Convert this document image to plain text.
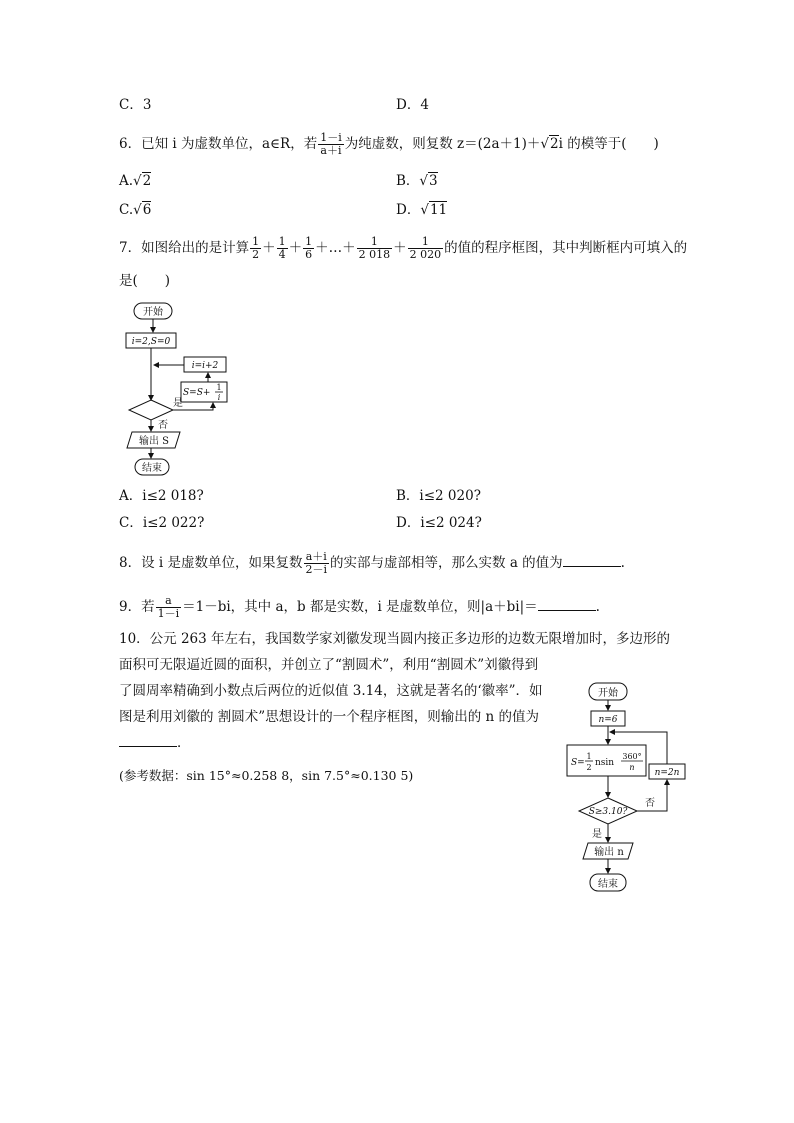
C．3	D．4
6．已知 i 为虚数单位，a∈R，若 $\frac{1-i}{a+i}$ 为纯虚数，则复数 z＝(2a＋1)＋√2i 的模等于(　　)
A.√2	B．√3
C.√6	D．√11
7．如图给出的是计算 $\frac{1}{2} + \frac{1}{4} + \frac{1}{6}$ ＋…＋ $\frac{1}{2 018} + \frac{1}{2 020}$ 的值的程序框图，其中判断框内可填入的
是(　　)
开始
i=2,S=0
i=i+2
S=S+
1
i
是
否
输出 S
结束
A．i≤2 018?	B．i≤2 020?
C．i≤2 022?	D．i≤2 024?
8．设 i 是虚数单位，如果复数 $\frac{a+i}{2-i}$ 的实部与虚部相等，那么实数 a 的值为	.
9．若 $\frac{a}{1-i} =1-bi$，其中 a，b 都是实数，i 是虚数单位，则|a＋bi|＝	.
10．公元 263 年左右，我国数学家刘徽发现当圆内接正多边形的边数无限增加时，多边形的
面积可无限逼近圆的面积，并创立了“割圆术”，利用“割圆术”刘徽得到了圆周率精确到小数点后两位的近似值 3.14，这就是著名的‘徽率”．如图是利用刘徽的 割圆术”思想设计的一个程序框图，则输出的 n 的值为．
(参考数据：sin 15°≈0.258 8，sin 7.5°≈0.130 5)
开始
n=6
S=
1
2 nsin
360°
n
n=2n
S≥3.10?
否
是
输出 n
结束
